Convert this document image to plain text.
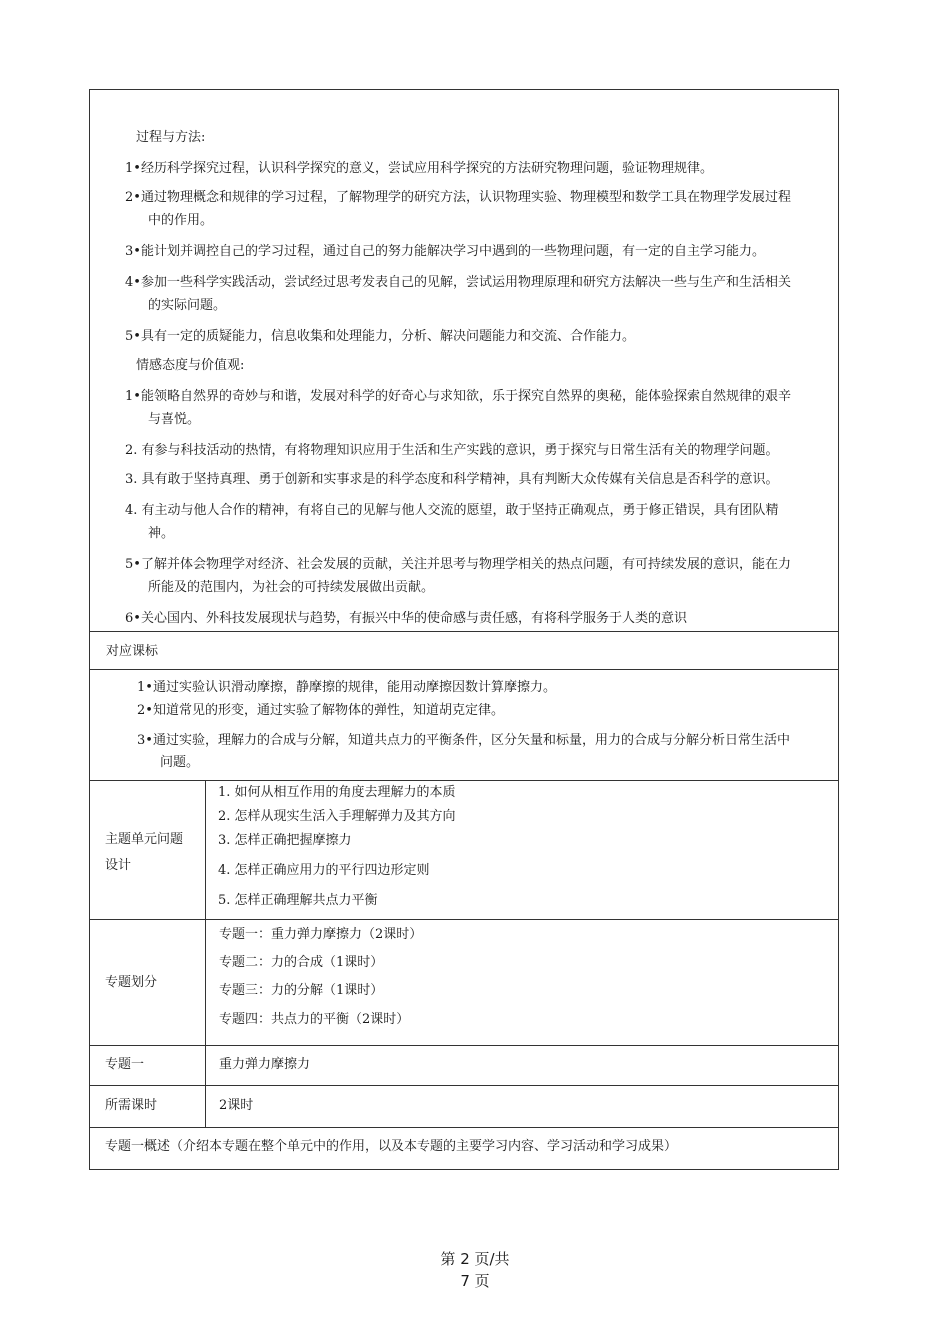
过程与方法:
1•经历科学探究过程，认识科学探究的意义，尝试应用科学探究的方法研究物理问题，验证物理规律。
2•通过物理概念和规律的学习过程，了解物理学的研究方法，认识物理实验、物理模型和数学工具在物理学发展过程
中的作用。
3•能计划并调控自己的学习过程，通过自己的努力能解决学习中遇到的一些物理问题，有一定的自主学习能力。
4•参加一些科学实践活动，尝试经过思考发表自己的见解，尝试运用物理原理和研究方法解决一些与生产和生活相关
的实际问题。
5•具有一定的质疑能力，信息收集和处理能力，分析、解决问题能力和交流、合作能力。
情感态度与价值观:
1•能领略自然界的奇妙与和谐，发展对科学的好奇心与求知欲，乐于探究自然界的奥秘，能体验探索自然规律的艰辛
与喜悦。
2. 有参与科技活动的热情，有将物理知识应用于生活和生产实践的意识，勇于探究与日常生活有关的物理学问题。
3. 具有敢于坚持真理、勇于创新和实事求是的科学态度和科学精神，具有判断大众传媒有关信息是否科学的意识。
4. 有主动与他人合作的精神，有将自己的见解与他人交流的愿望，敢于坚持正确观点，勇于修正错误，具有团队精
神。
5•了解并体会物理学对经济、社会发展的贡献，关注并思考与物理学相关的热点问题，有可持续发展的意识，能在力
所能及的范围内，为社会的可持续发展做出贡献。
6•关心国内、外科技发展现状与趋势，有振兴中华的使命感与责任感，有将科学服务于人类的意识
对应课标
1•通过实验认识滑动摩擦，静摩擦的规律，能用动摩擦因数计算摩擦力。
2•知道常见的形变，通过实验了解物体的弹性，知道胡克定律。
3•通过实验，理解力的合成与分解，知道共点力的平衡条件，区分矢量和标量，用力的合成与分解分析日常生活中
问题。
主题单元问题
设计
1. 如何从相互作用的角度去理解力的本质
2. 怎样从现实生活入手理解弹力及其方向
3. 怎样正确把握摩擦力
4. 怎样正确应用力的平行四边形定则
5. 怎样正确理解共点力平衡
专题划分
专题一：重力弹力摩擦力（2课时）
专题二：力的合成（1课时）
专题三：力的分解（1课时）
专题四：共点力的平衡（2课时）
专题一	重力弹力摩擦力
所需课时	2课时
专题一概述（介绍本专题在整个单元中的作用，以及本专题的主要学习内容、学习活动和学习成果）
第 2 页/共
7 页
